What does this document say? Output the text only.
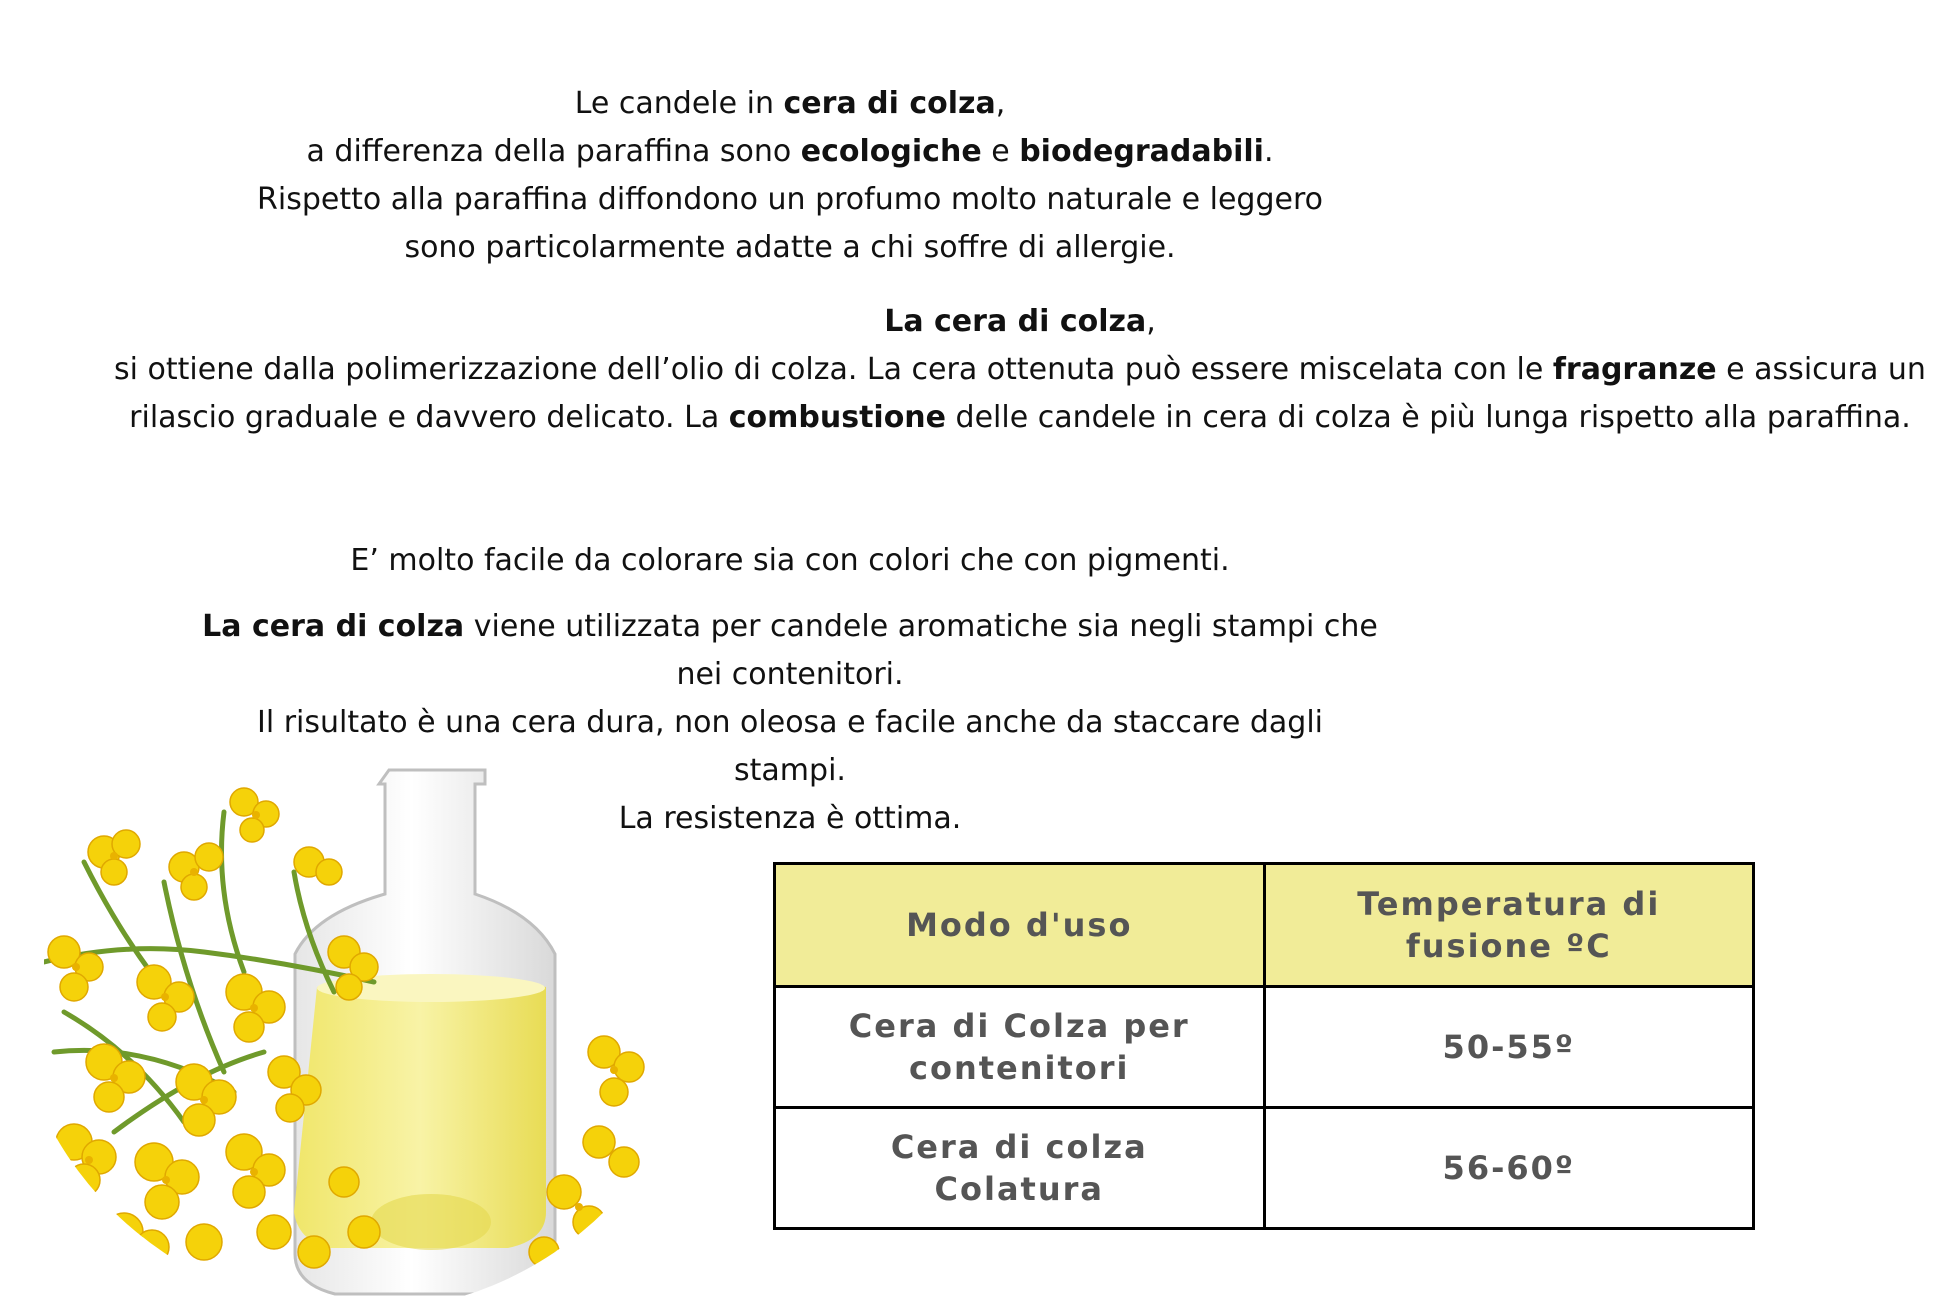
Le candele in cera di colza,

a differenza della paraffina sono ecologiche e biodegradabili.

Rispetto alla paraffina diffondono un profumo molto naturale e leggero

sono particolarmente adatte a chi soffre di allergie.

La cera di colza,

si ottiene dalla polimerizzazione dell’olio di colza. La cera ottenuta può essere miscelata con le fragranze e assicura un rilascio graduale e davvero delicato. La combustione delle candele in cera di colza è più lunga rispetto alla paraffina.

E’ molto facile da colorare sia con colori che con pigmenti.

La cera di colza viene utilizzata per candele aromatiche sia negli stampi che nei contenitori.

Il risultato è una cera dura, non oleosa e facile anche da staccare dagli stampi.

La resistenza è ottima.

Modo d'uso	Temperatura di fusione ºC
Cera di Colza per contenitori	50-55º
Cera di colza Colatura	56-60º
